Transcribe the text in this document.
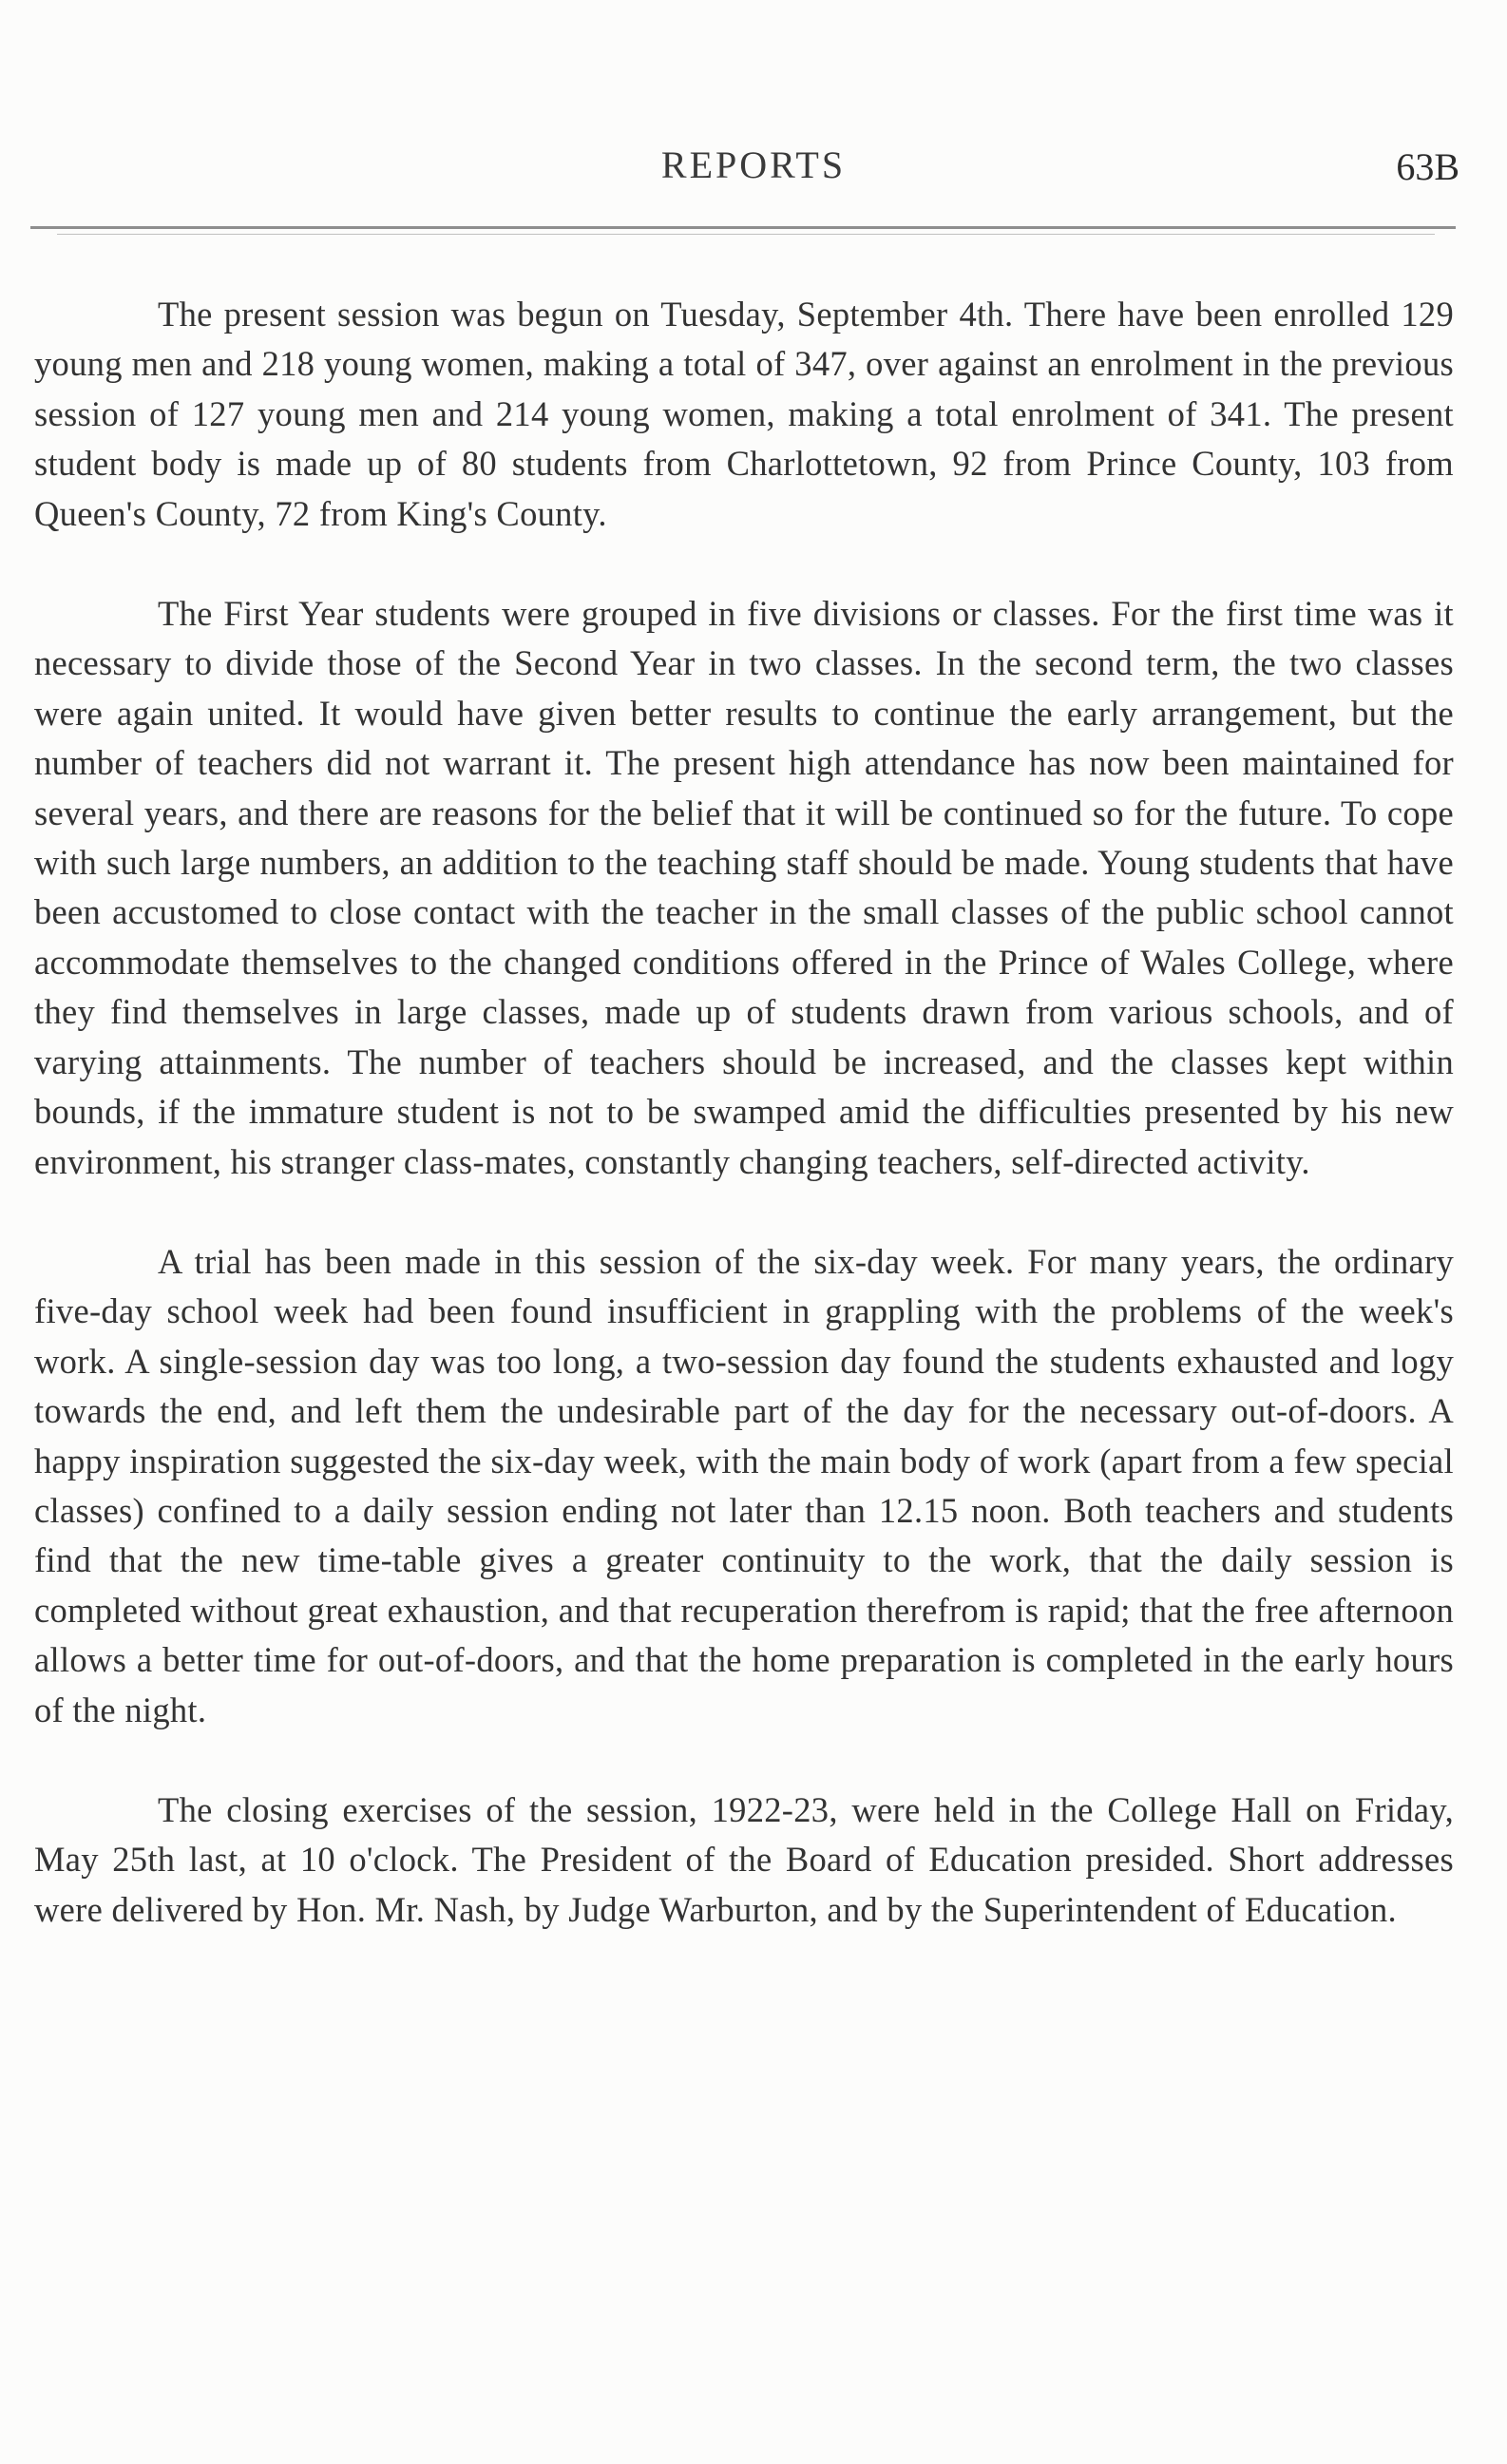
REPORTS	63B

The present session was begun on Tuesday, September 4th. There have been enrolled 129 young men and 218 young women, making a total of 347, over against an enrolment in the previous session of 127 young men and 214 young women, making a total enrolment of 341. The present student body is made up of 80 students from Charlottetown, 92 from Prince County, 103 from Queen's County, 72 from King's County.

The First Year students were grouped in five divisions or classes. For the first time was it necessary to divide those of the Second Year in two classes. In the second term, the two classes were again united. It would have given better results to continue the early arrangement, but the number of teachers did not warrant it. The present high attendance has now been maintained for several years, and there are reasons for the belief that it will be continued so for the future. To cope with such large numbers, an addition to the teaching staff should be made. Young students that have been accustomed to close contact with the teacher in the small classes of the public school cannot accommodate themselves to the changed conditions offered in the Prince of Wales College, where they find themselves in large classes, made up of students drawn from various schools, and of varying attainments. The number of teachers should be increased, and the classes kept within bounds, if the immature student is not to be swamped amid the difficulties presented by his new environment, his stranger class-mates, constantly changing teachers, self-directed activity.

A trial has been made in this session of the six-day week. For many years, the ordinary five-day school week had been found insufficient in grappling with the problems of the week's work. A single-session day was too long, a two-session day found the students exhausted and logy towards the end, and left them the undesirable part of the day for the necessary out-of-doors. A happy inspiration suggested the six-day week, with the main body of work (apart from a few special classes) confined to a daily session ending not later than 12.15 noon. Both teachers and students find that the new time-table gives a greater continuity to the work, that the daily session is completed without great exhaustion, and that recuperation therefrom is rapid; that the free afternoon allows a better time for out-of-doors, and that the home preparation is completed in the early hours of the night.

The closing exercises of the session, 1922-23, were held in the College Hall on Friday, May 25th last, at 10 o'clock. The President of the Board of Education presided. Short addresses were delivered by Hon. Mr. Nash, by Judge Warburton, and by the Superintendent of Education.
